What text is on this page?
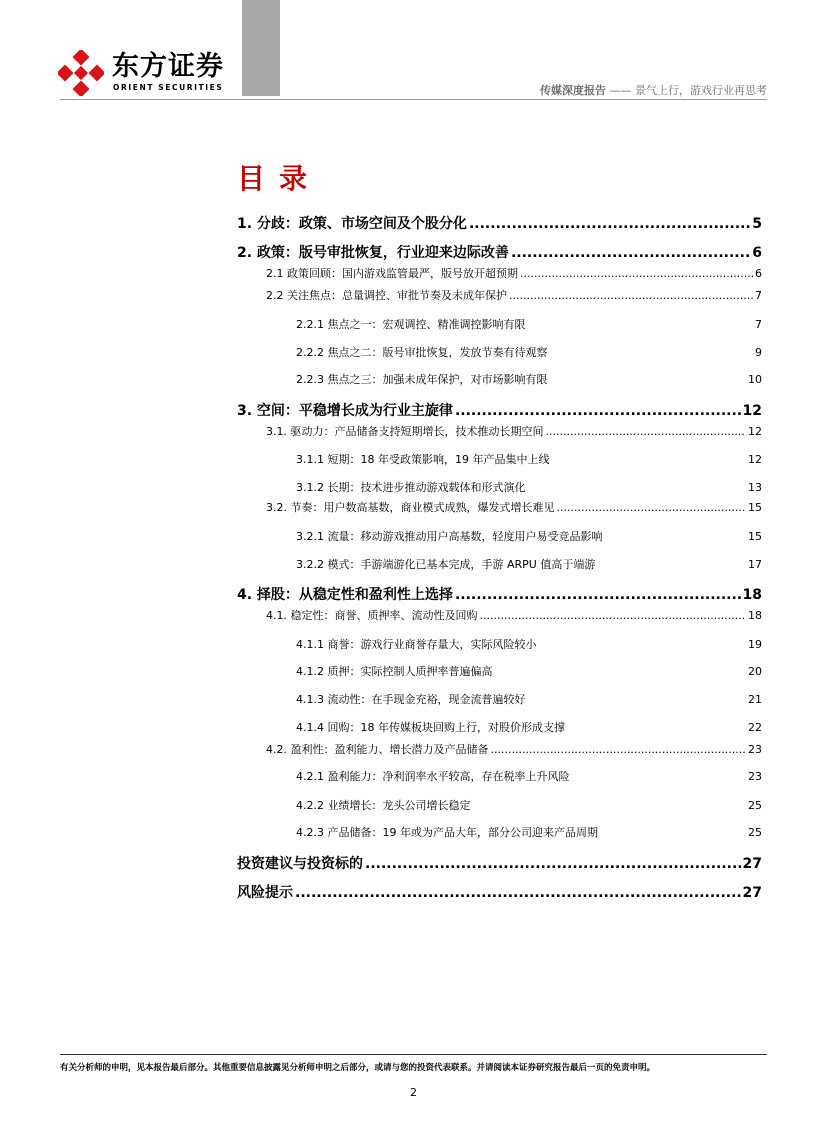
东方证券
ORIENT SECURITIES	传媒深度报告 —— 景气上行，游戏行业再思考
目录
1. 分歧：政策、市场空间及个股分化 .....	5
2. 政策：版号审批恢复，行业迎来边际改善 .....	6
2.1 政策回顾：国内游戏监管最严，版号放开超预期 .....	6
2.2 关注焦点：总量调控、审批节奏及未成年保护 .....	7
2.2.1 焦点之一：宏观调控、精准调控影响有限	7
2.2.2 焦点之二：版号审批恢复，发放节奏有待观察	9
2.2.3 焦点之三：加强未成年保护，对市场影响有限	10
3. 空间：平稳增长成为行业主旋律 .....	12
3.1. 驱动力：产品储备支持短期增长，技术推动长期空间 .....	12
3.1.1 短期：18 年受政策影响，19 年产品集中上线	12
3.1.2 长期：技术进步推动游戏载体和形式演化	13
3.2. 节奏：用户数高基数，商业模式成熟，爆发式增长难见 .....	15
3.2.1 流量：移动游戏推动用户高基数，轻度用户易受竞品影响	15
3.2.2 模式：手游端游化已基本完成，手游 ARPU 值高于端游	17
4. 择股：从稳定性和盈利性上选择 .....	18
4.1. 稳定性：商誉、质押率、流动性及回购 .....	18
4.1.1 商誉：游戏行业商誉存量大，实际风险较小	19
4.1.2 质押：实际控制人质押率普遍偏高	20
4.1.3 流动性：在手现金充裕，现金流普遍较好	21
4.1.4 回购：18 年传媒板块回购上行，对股价形成支撑	22
4.2. 盈利性：盈利能力、增长潜力及产品储备 .....	23
4.2.1 盈利能力：净利润率水平较高，存在税率上升风险	23
4.2.2 业绩增长：龙头公司增长稳定	25
4.2.3 产品储备：19 年或为产品大年，部分公司迎来产品周期	25
投资建议与投资标的 .....	27
风险提示 .....	27
有关分析师的申明，见本报告最后部分。其他重要信息披露见分析师申明之后部分，或请与您的投资代表联系。并请阅读本证券研究报告最后一页的免责申明。
2
